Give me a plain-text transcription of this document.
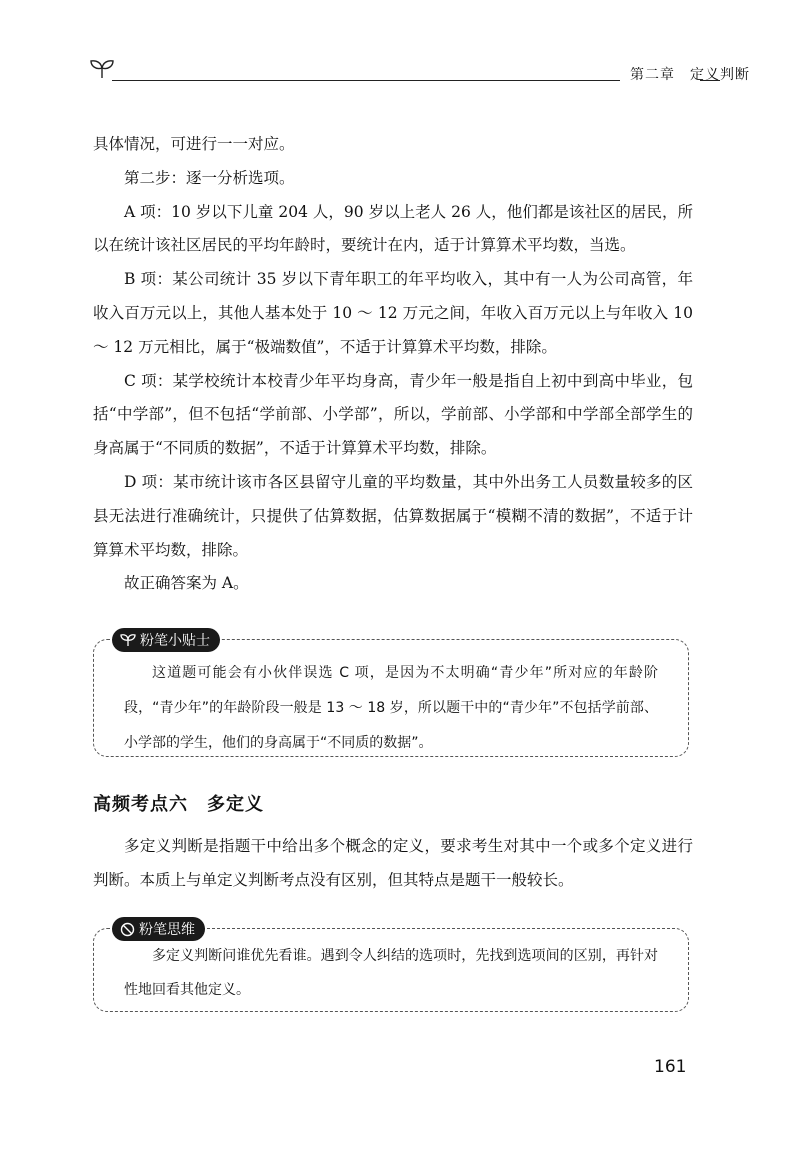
第二章　定义判断

具体情况，可进行一一对应。

第二步：逐一分析选项。

A 项：10 岁以下儿童 204 人，90 岁以上老人 26 人，他们都是该社区的居民，所以在统计该社区居民的平均年龄时，要统计在内，适于计算算术平均数，当选。

B 项：某公司统计 35 岁以下青年职工的年平均收入，其中有一人为公司高管，年收入百万元以上，其他人基本处于 10 ～ 12 万元之间，年收入百万元以上与年收入 10 ～ 12 万元相比，属于“极端数值”，不适于计算算术平均数，排除。

C 项：某学校统计本校青少年平均身高，青少年一般是指自上初中到高中毕业，包括“中学部”，但不包括“学前部、小学部”，所以，学前部、小学部和中学部全部学生的身高属于“不同质的数据”，不适于计算算术平均数，排除。

D 项：某市统计该市各区县留守儿童的平均数量，其中外出务工人员数量较多的区县无法进行准确统计，只提供了估算数据，估算数据属于“模糊不清的数据”，不适于计算算术平均数，排除。

故正确答案为 A。

粉笔小贴士

这道题可能会有小伙伴误选 C 项，是因为不太明确“青少年”所对应的年龄阶段，“青少年”的年龄阶段一般是 13 ～ 18 岁，所以题干中的“青少年”不包括学前部、小学部的学生，他们的身高属于“不同质的数据”。

高频考点六　多定义

多定义判断是指题干中给出多个概念的定义，要求考生对其中一个或多个定义进行判断。本质上与单定义判断考点没有区别，但其特点是题干一般较长。

粉笔思维

多定义判断问谁优先看谁。遇到令人纠结的选项时，先找到选项间的区别，再针对性地回看其他定义。

161
